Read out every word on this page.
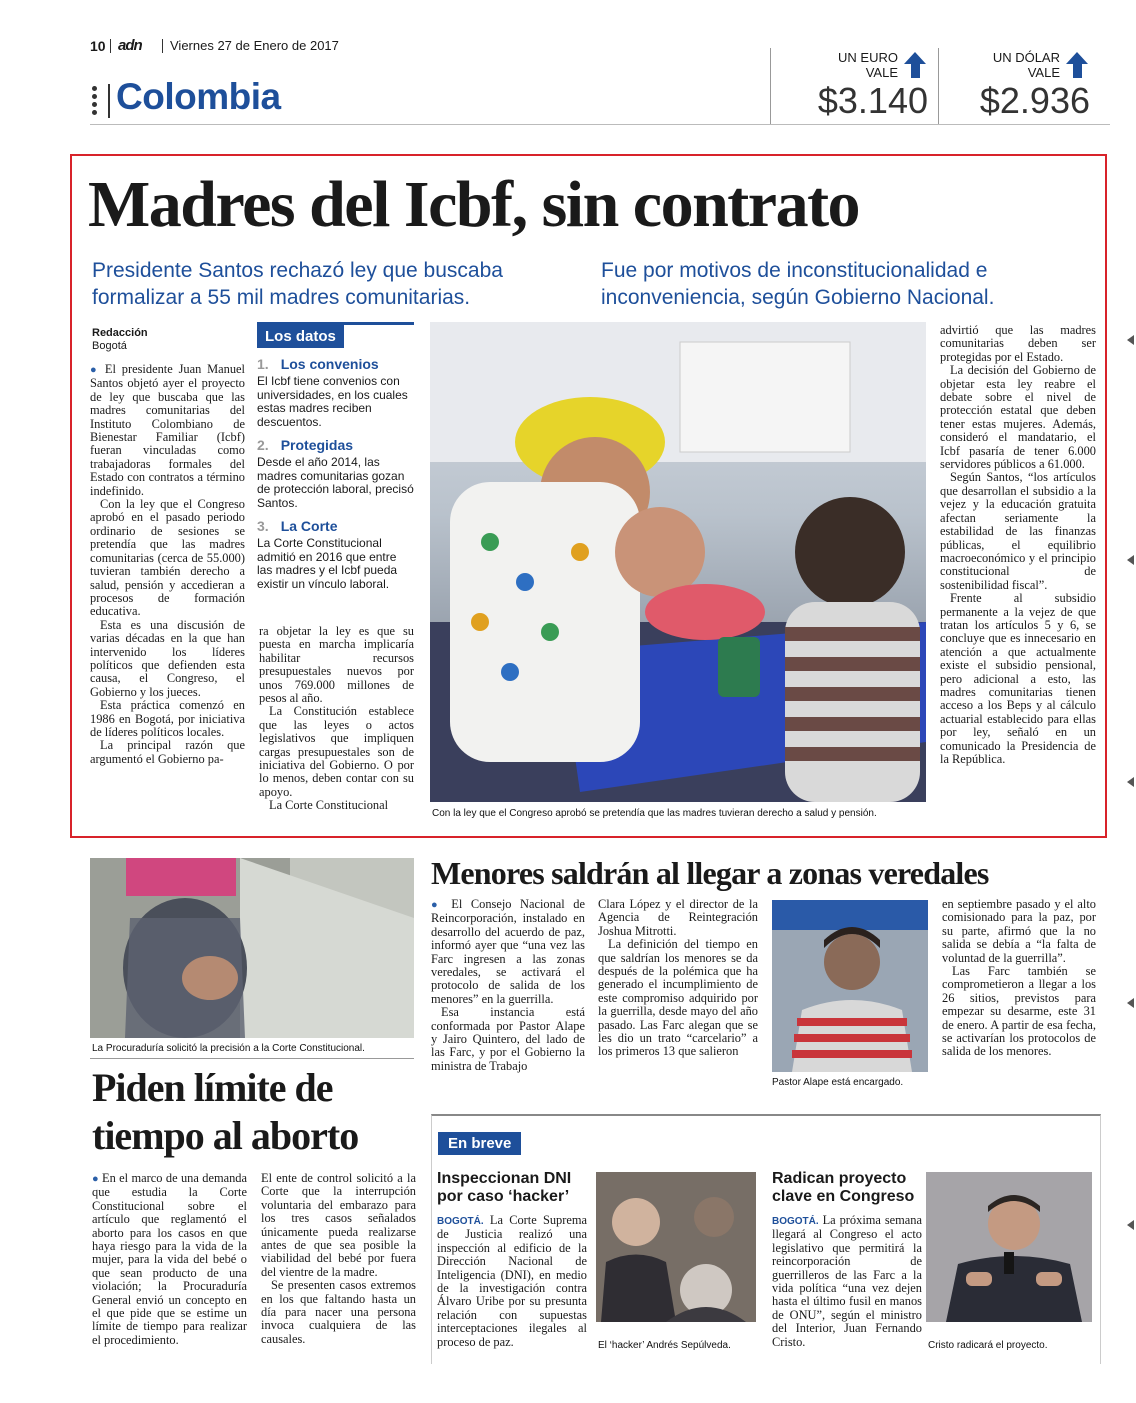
10 adn Viernes 27 de Enero de 2017
Colombia
UN EURO VALE
$3.140
UN DÓLAR VALE
$2.936
Madres del Icbf, sin contrato
Presidente Santos rechazó ley que buscaba formalizar a 55 mil madres comunitarias.
Fue por motivos de inconstitucionalidad e inconveniencia, según Gobierno Nacional.
Redacción
Bogotá

● El presidente Juan Manuel Santos objetó ayer el proyecto de ley que buscaba que las madres comunitarias del Instituto Colombiano de Bienestar Familiar (Icbf) fueran vinculadas como trabajadoras formales del Estado con contratos a término indefinido.

Con la ley que el Congreso aprobó en el pasado periodo ordinario de sesiones se pretendía que las madres comunitarias (cerca de 55.000) tuvieran también derecho a salud, pensión y accedieran a procesos de formación educativa.

Esta es una discusión de varias décadas en la que han intervenido los líderes políticos que defienden esta causa, el Congreso, el Gobierno y los jueces.

Esta práctica comenzó en 1986 en Bogotá, por iniciativa de líderes políticos locales.

La principal razón que argumentó el Gobierno pa-

Los datos
1. Los convenios
El Icbf tiene convenios con universidades, en los cuales estas madres reciben descuentos.
2. Protegidas
Desde el año 2014, las madres comunitarias gozan de protección laboral, precisó Santos.
3. La Corte
La Corte Constitucional admitió en 2016 que entre las madres y el Icbf pueda existir un vínculo laboral.

ra objetar la ley es que su puesta en marcha implicaría habilitar recursos presupuestales nuevos por unos 769.000 millones de pesos al año.

La Constitución establece que las leyes o actos legislativos que impliquen cargas presupuestales son de iniciativa del Gobierno. O por lo menos, deben contar con su apoyo.

La Corte Constitucional

Con la ley que el Congreso aprobó se pretendía que las madres tuvieran derecho a salud y pensión.

advirtió que las madres comunitarias deben ser protegidas por el Estado.

La decisión del Gobierno de objetar esta ley reabre el debate sobre el nivel de protección estatal que deben tener estas mujeres. Además, consideró el mandatario, el Icbf pasaría de tener 6.000 servidores públicos a 61.000.

Según Santos, “los artículos que desarrollan el subsidio a la vejez y la educación gratuita afectan seriamente la estabilidad de las finanzas públicas, el equilibrio macroeconómico y el principio constitucional de sostenibilidad fiscal”.

Frente al subsidio permanente a la vejez de que tratan los artículos 5 y 6, se concluye que es innecesario en atención a que actualmente existe el subsidio pensional, pero adicional a esto, las madres comunitarias tienen acceso a los Beps y al cálculo actuarial establecido para ellas por ley, señaló en un comunicado la Presidencia de la República.

La Procuraduría solicitó la precisión a la Corte Constitucional.
Piden límite de tiempo al aborto

● En el marco de una demanda que estudia la Corte Constitucional sobre el artículo que reglamentó el aborto para los casos en que haya riesgo para la vida de la mujer, para la vida del bebé o que sean producto de una violación; la Procuraduría General envió un concepto en el que pide que se estime un límite de tiempo para realizar el procedimiento.

El ente de control solicitó a la Corte que la interrupción voluntaria del embarazo para los tres casos señalados únicamente pueda realizarse antes de que sea posible la viabilidad del bebé por fuera del vientre de la madre.

Se presenten casos extremos en los que faltando hasta un día para nacer una persona invoca cualquiera de las causales.

Menores saldrán al llegar a zonas veredales

● El Consejo Nacional de Reincorporación, instalado en desarrollo del acuerdo de paz, informó ayer que “una vez las Farc ingresen a las zonas veredales, se activará el protocolo de salida de los menores” en la guerrilla.

Esa instancia está conformada por Pastor Alape y Jairo Quintero, del lado de las Farc, y por el Gobierno la ministra de Trabajo

Clara López y el director de la Agencia de Reintegración Joshua Mitrotti.

La definición del tiempo en que saldrían los menores se da después de la polémica que ha generado el incumplimiento de este compromiso adquirido por la guerrilla, desde mayo del año pasado. Las Farc alegan que se les dio un trato “carcelario” a los primeros 13 que salieron

Pastor Alape está encargado.

en septiembre pasado y el alto comisionado para la paz, por su parte, afirmó que la no salida se debía a “la falta de voluntad de la guerrilla”.

Las Farc también se comprometieron a llegar a los 26 sitios, previstos para empezar su desarme, este 31 de enero. A partir de esa fecha, se activarían los protocolos de salida de los menores.

En breve
Inspeccionan DNI por caso ‘hacker’

BOGOTÁ. La Corte Suprema de Justicia realizó una inspección al edificio de la Dirección Nacional de Inteligencia (DNI), en medio de la investigación contra Álvaro Uribe por su presunta relación con supuestas interceptaciones ilegales al proceso de paz.	El ‘hacker’ Andrés Sepúlveda.
Radican proyecto clave en Congreso

BOGOTÁ. La próxima semana llegará al Congreso el acto legislativo que permitirá la reincorporación de guerrilleros de las Farc a la vida política “una vez dejen hasta el último fusil en manos de ONU”, según el ministro del Interior, Juan Fernando Cristo.	Cristo radicará el proyecto.
